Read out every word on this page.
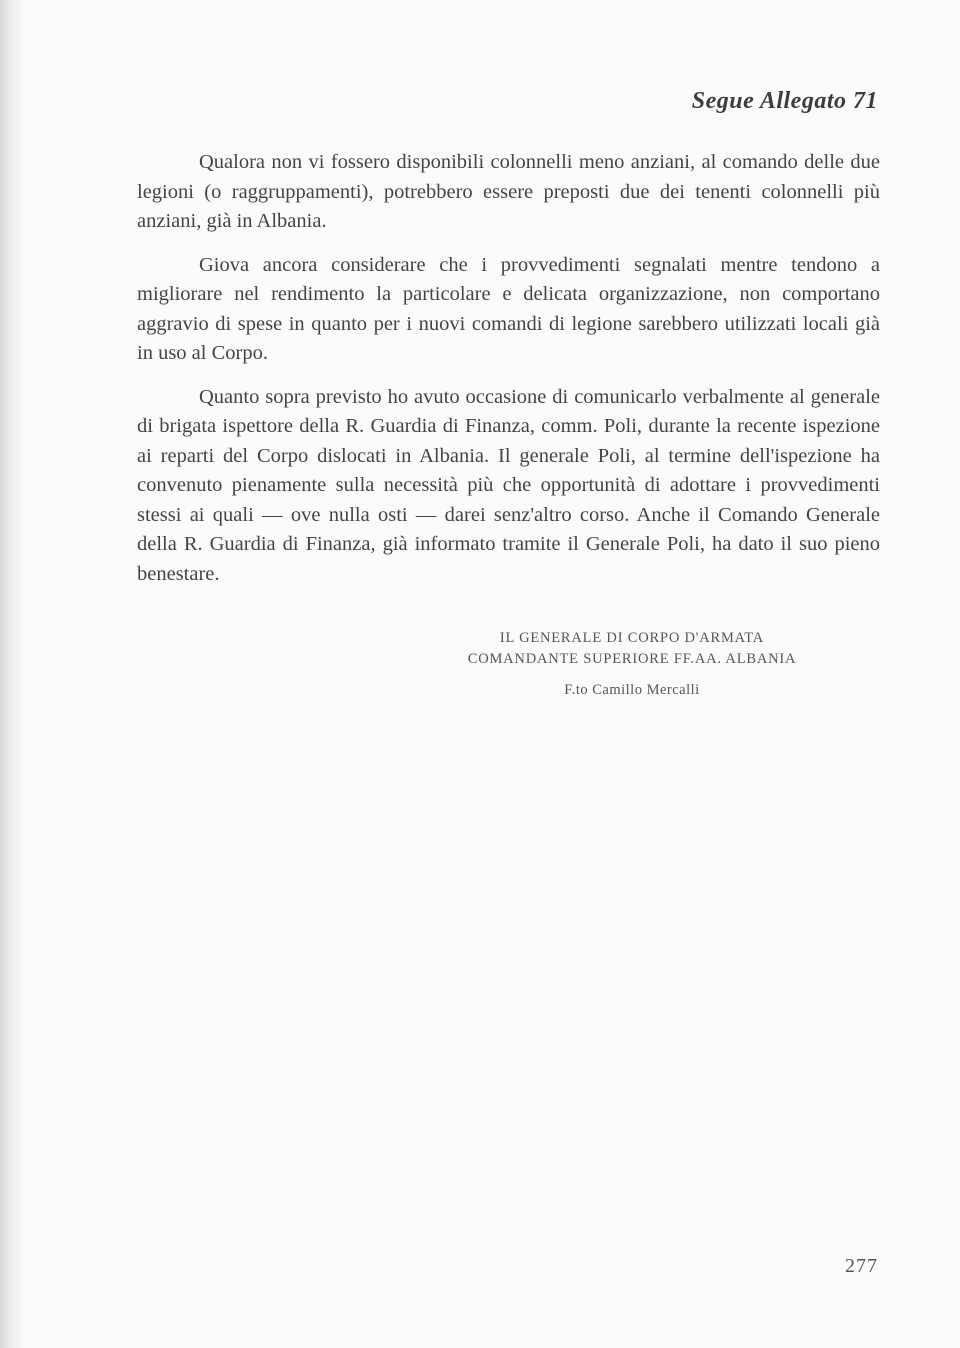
Segue Allegato 71

Qualora non vi fossero disponibili colonnelli meno anziani, al comando delle due legioni (o raggruppamenti), potrebbero essere preposti due dei tenenti colonnelli più anziani, già in Albania.

Giova ancora considerare che i provvedimenti segnalati mentre tendono a migliorare nel rendimento la particolare e delicata organizzazione, non comportano aggravio di spese in quanto per i nuovi comandi di legione sarebbero utilizzati locali già in uso al Corpo.

Quanto sopra previsto ho avuto occasione di comunicarlo verbalmente al generale di brigata ispettore della R. Guardia di Finanza, comm. Poli, durante la recente ispezione ai reparti del Corpo dislocati in Albania. Il generale Poli, al termine dell'ispezione ha convenuto pienamente sulla necessità più che opportunità di adottare i provvedimenti stessi ai quali — ove nulla osti — darei senz'altro corso. Anche il Comando Generale della R. Guardia di Finanza, già informato tramite il Generale Poli, ha dato il suo pieno benestare.

IL GENERALE DI CORPO D'ARMATA
COMANDANTE SUPERIORE FF.AA. ALBANIA
F.to Camillo Mercalli
277
